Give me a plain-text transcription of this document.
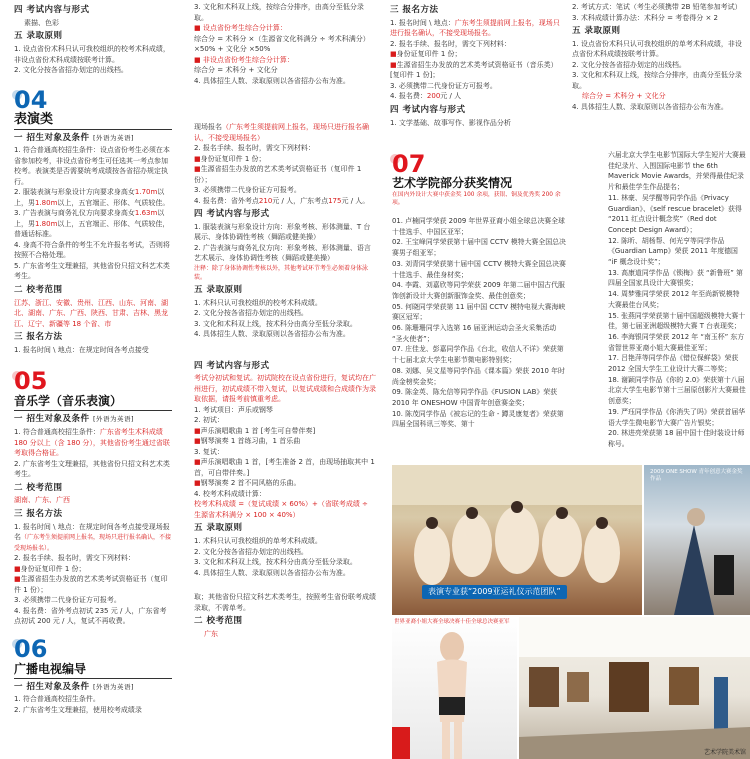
四 考试内容与形式
素描、色彩
五 录取原则
1. 设点省份术科只认可我校组织的校考术科成绩，非设点省份术科成绩按联考计算。
2. 文化分按各省招办划定的出线档。
04
表演类
一 招生对象及条件 [外语为英语]
1. 符合普通高校招生条件：设点省份考生必须在本省参加校考，非设点省份考生可任选其一考点参加校考。表演类是否需要统考成绩按各省招办规定执行。
2. 服装表演与形象设计方向要求身高女1.70m以上，男1.80m以上，五官端正、形体、气质较佳。
3. 广告表演与商务礼仪方向要求身高女1.63m以上，男1.80m以上，五官端正、形体、气质较佳，普通话标准。
4. 身高不符合条件的考生不允许报名考试，否则将按照不合格处理。
5. 广东省考生文理兼招，其他省份只招文科艺术类考生。
二 校考范围
江苏、浙江、安徽、贵州、江西、山东、河南、湖北、湖南、广东、广西、陕西、甘肃、吉林、黑龙江、辽宁、新疆等 18 个省、市
三 报名方法
1. 报名时间 \ 地点：在规定时间各考点接受
05
音乐学（音乐表演）
一 招生对象及条件 [外语为英语]
1. 符合普通高校招生条件：广东省考生术科成绩 180 分以上（含 180 分），其他省份考生通过省联考取得合格证。
2. 广东省考生文理兼招，其他省份只招文科艺术类考生。
二 校考范围
湖南、广东、广西
三 报名方法
1. 报名时间 \ 地点：在规定时间各考点接受现场报名（广东考生须提前网上报名，现场只进行报名确认，不接受现场报名）。
2. 报名手续、报名时，需交下列材料：
■身份证复印件 1 份；
■生源省招生办发放的艺术类考试资格证书（复印件 1 份）；
3. 必须携带二代身份证方可报考。
4. 报名费：省外考点初试 235 元 / 人，广东省考点初试 200 元 / 人，复试不再收费。
06
广播电视编导
一 招生对象及条件 [外语为英语]
1. 符合普通高校招生条件。
2. 广东省考生文理兼招，使用校考成绩录
3. 文化和术科双上线，按综合分排序，由高分至低分录取。
■ 设点省份考生综合分计算：
综合分 = 术科分 ×（生源省文化科满分 ÷ 考术科满分）×50% + 文化分 ×50%
■ 非设点省份考生综合分计算：
综合分 = 术科分 + 文化分
4. 具体招生人数、录取原则以各省招办公布为准。
现场报名（广东考生须提前网上报名，现场只进行报名确认，不接受现场报名）
2. 报名手续、报名时，需交下列材料：
■身份证复印件 1 份；
■生源省招生办发放的艺术类考试资格证书（复印件 1 份）；
3. 必须携带二代身份证方可报考。
4. 报名费：省外考点210元 / 人，广东考点175元 / 人。
四 考试内容与形式
1. 服装表演与形象设计方向：形象考核、形体测量、T 台展示、身体协调性考核（舞蹈或健美操）
2. 广告表演与商务礼仪方向：形象考核、形体测量、语言艺术展示、身体协调性考核（舞蹈或健美操）
注释：除了身体协调性考核以外，其他考试环节考生必须着身体泳装。
五 录取原则
1. 术科只认可我校组织的校考术科成绩。
2. 文化分按各省招办划定的出线档。
3. 文化和术科双上线，按术科分由高分至低分录取。
4. 具体招生人数、录取原则以各省招办公布为准。
四 考试内容与形式
考试分初试和复试。初试院校在设点省份进行，复试均在广州进行，初试成绩不带入复试，以复试成绩和合成绩作为录取依据，请报考前慎重考虑。
1. 考试项目：声乐或钢琴
2. 初试：
■声乐演唱歌曲 1 首 [考生可自带伴奏]
■钢琴演奏 1 首练习曲，1 首乐曲
3. 复试：
■声乐演唱歌曲 1 首，[考生准备 2 首，由现场抽取其中 1 首，可自带伴奏。]
■钢琴演奏 2 首不同风格的乐曲。
4. 校考术科成绩计算：
校考术科成绩 =（复试成绩 × 60%）+（省联考成绩 ÷ 生源省术科满分 × 100 × 40%）
五 录取原则
1. 术科只认可我校组织的单考术科成绩。
2. 文化分按各省招办划定的出线档。
3. 文化和术科双上线，按术科分由高分至低分录取。
4. 具体招生人数、录取原则以各省招办公布为准。
取；其他省份只招文科艺术类考生，按照考生省份联考成绩录取，不需单考。
二 校考范围
广东
三 报名方法
1. 报名时间 \ 地点：广东考生须提前网上报名，现场只进行报名确认，不接受现场报名。
2. 报名手续、报名时，需交下列材料：
■身份证复印件 1 份；
■生源省招生办发放的艺术类考试资格证书（音乐类）[复印件 1 份]；
3. 必须携带二代身份证方可报考。
4. 报名费：200元 / 人
四 考试内容与形式
1. 文学基础、故事写作、影视作品分析
2. 考试方式：笔试（考生必须携带 2B 铅笔参加考试）
3. 术科成绩计算办法：术科分 = 考卷得分 × 2
五 录取原则
1. 设点省份术科只认可我校组织的单考术科成绩，非设点省份术科成绩按联考计算。
2. 文化分按各省招办划定的出线档。
3. 文化和术科双上线，按综合分排序，由高分至低分录取。
综合分 = 术科分 + 文化分
4. 具体招生人数、录取原则以各省招办公布为准。
07
艺术学院部分获奖情况
在国内外设计大赛中获金奖 100 余项，获银、铜及优秀奖 200 余项。
01. 卢楠同学荣获 2009 年世界亚裔小姐全球总决赛全球十佳选手、中国区亚军；
02. 王宝峰同学荣获第十届中国 CCTV 模特大赛全国总决赛男子组亚军；
03. 刘青同学荣获第十届中国 CCTV 模特大赛全国总决赛十佳选手、最佳身材奖；
04. 李霞、刘嘉欣等同学荣获 2009 年第二届中国古代服饰创新设计大赛创新服饰金奖、最佳创意奖；
05. 何晓同学荣获第 11 届中国 CCTV 模特电视大赛海峡赛区冠军；
06. 陈珊珊同学入选第 16 届亚洲运动会圣火采集活动 “圣火使者”；
07. 庄佳龙、彭嘉同学作品《台北，收信人不详》荣获第十七届北京大学生电影节微电影特别奖；
08. 刘娜、吴文星等同学作品《课本篇》荣获 2010 年时尚金榜奖金奖；
09. 陈金英、陈允信等同学作品《FUSION LAB》荣获 2010 年 ONESHOW 中国青年创意赛金奖；
10. 陈茂同学作品《被忘记的生命 - 蹲灵康复者》荣获第四届全国科讯三等奖、第十
六届北京大学生电影节国际大学生短片大赛最佳纪录片、入围国际电影节 the 6th Maverick Movie Awards，并荣得最佳纪录片和最佳学生作品提名；
11. 林豪、吴学醒等同学作品《Privacy Guardian》、《self rescue bracelet》获得 “2011 红点设计概念奖”（Red dot Concept Design Award）；
12. 陈昕、胡杨帮、何光亨等同学作品《Guardian Lamp》荣获 2011 年度德国 “iF 概念设计奖”；
13. 高康道同学作品《锁梅》获 “新鲁班” 第四届全国家具设计大赛银奖；
14. 周梦雅同学荣获 2012 年至尚新锐模特大赛最佳台风奖；
15. 张燕同学荣获第十届中国超级模特大赛十佳，第七届亚洲超级模特大赛 T 台表现奖；
16. 李海银同学荣获 2012 年 “南玉杯” 东方省智世界亚裔小姐大赛最佳亚军；
17. 吕艳萍等同学作品《错位保鲜袋》荣获 2012 全国大学生工业设计大赛二等奖；
18. 谢颖同学作品《你的 2.0》荣获第十八届北京大学生电影节第十三届原创影片大赛最佳创意奖；
19. 严珏同学作品《你消失了吗》荣获首届华语大学生微电影节大赛广告片银奖；
20. 林进亮荣获第 18 届中国十佳时装设计师称号。
表演专业获“2009亚运礼仪示范团队”
2009 ONE SHOW 青年创意大赛金奖作品
世界亚裔小姐大赛全球决赛十佳全球总决赛亚军
艺术学院美术馆
